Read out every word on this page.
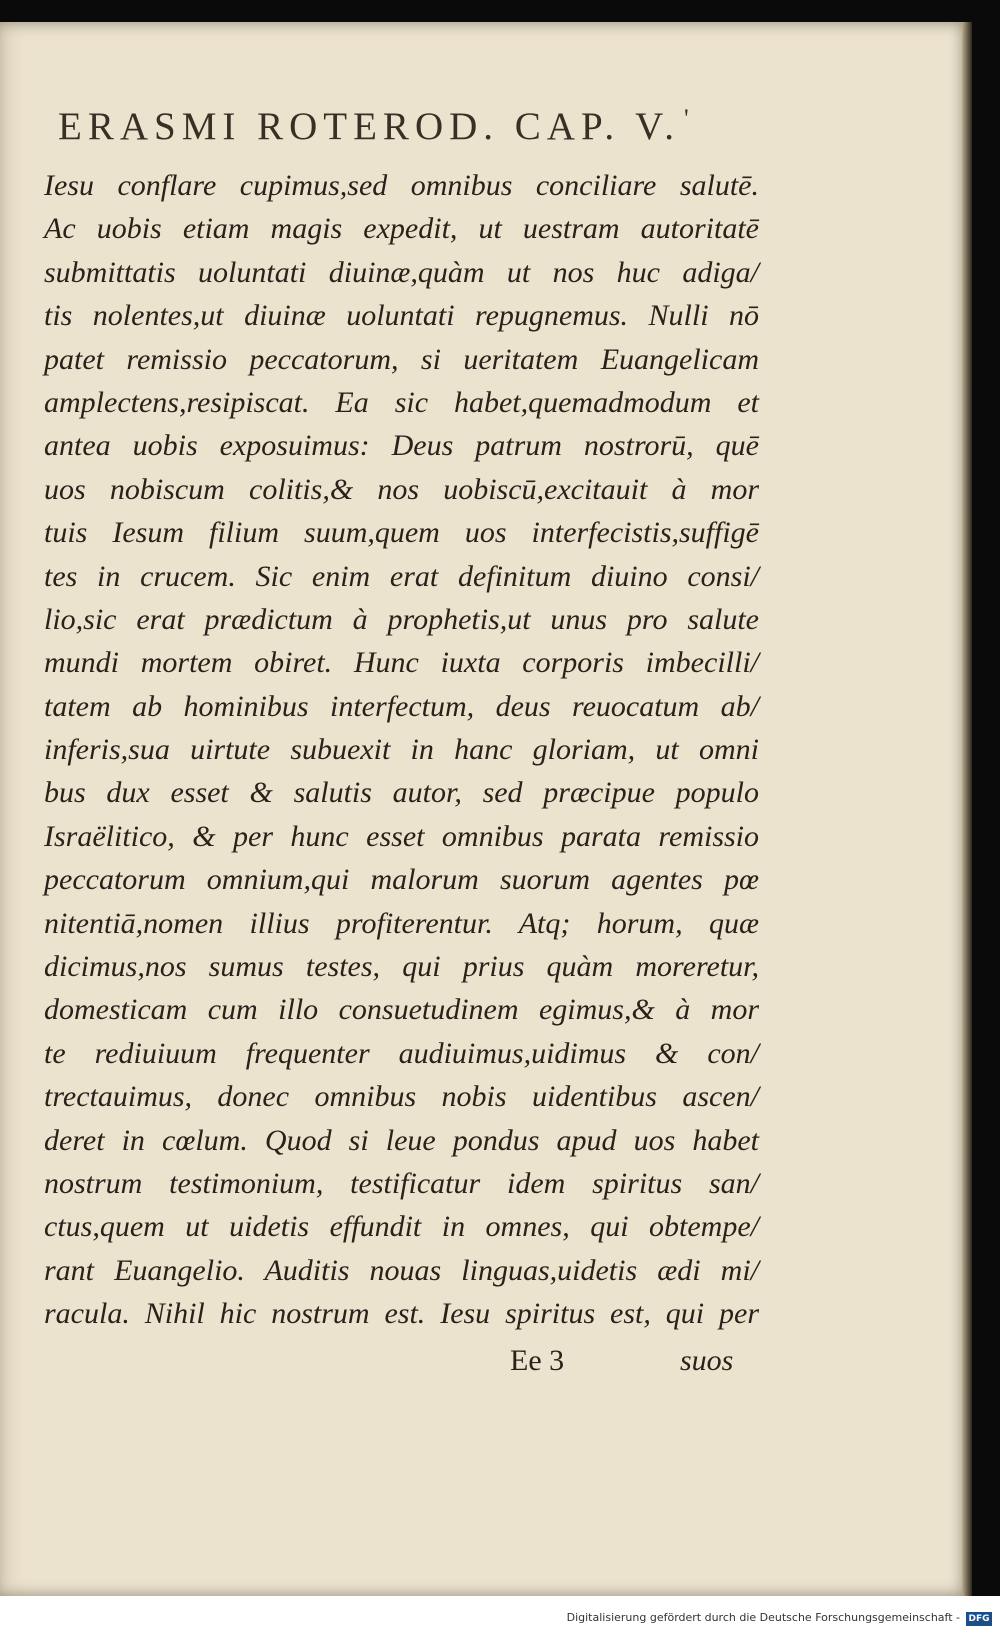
ERASMI ROTEROD. CAP. V. '
Iesu conflare cupimus,sed omnibus conciliare salutē.
Ac uobis etiam magis expedit, ut uestram autoritatē
submittatis uoluntati diuinæ,quàm ut nos huc adiga/
tis nolentes,ut diuinæ uoluntati repugnemus. Nulli nō
patet remissio peccatorum, si ueritatem Euangelicam
amplectens,resipiscat. Ea sic habet,quemadmodum et
antea uobis exposuimus: Deus patrum nostrorū, quē
uos nobiscum colitis,& nos uobiscū,excitauit à mor
tuis Iesum filium suum,quem uos interfecistis,suffigē
tes in crucem. Sic enim erat definitum diuino consi/
lio,sic erat prædictum à prophetis,ut unus pro salute
mundi mortem obiret. Hunc iuxta corporis imbecilli/
tatem ab hominibus interfectum, deus reuocatum ab/
inferis,sua uirtute subuexit in hanc gloriam, ut omni
bus dux esset & salutis autor, sed præcipue populo
Israëlitico, & per hunc esset omnibus parata remissio
peccatorum omnium,qui malorum suorum agentes pœ
nitentiā,nomen illius profiterentur. Atq; horum, quæ
dicimus,nos sumus testes, qui prius quàm moreretur,
domesticam cum illo consuetudinem egimus,& à mor
te rediuiuum frequenter audiuimus,uidimus & con/
trectauimus, donec omnibus nobis uidentibus ascen/
deret in cœlum. Quod si leue pondus apud uos habet
nostrum testimonium, testificatur idem spiritus san/
ctus,quem ut uidetis effundit in omnes, qui obtempe/
rant Euangelio. Auditis nouas linguas,uidetis ædi mi/
racula. Nihil hic nostrum est. Iesu spiritus est, qui per
Ee 3	suos
Digitalisierung gefördert durch die Deutsche Forschungsgemeinschaft - DFG
